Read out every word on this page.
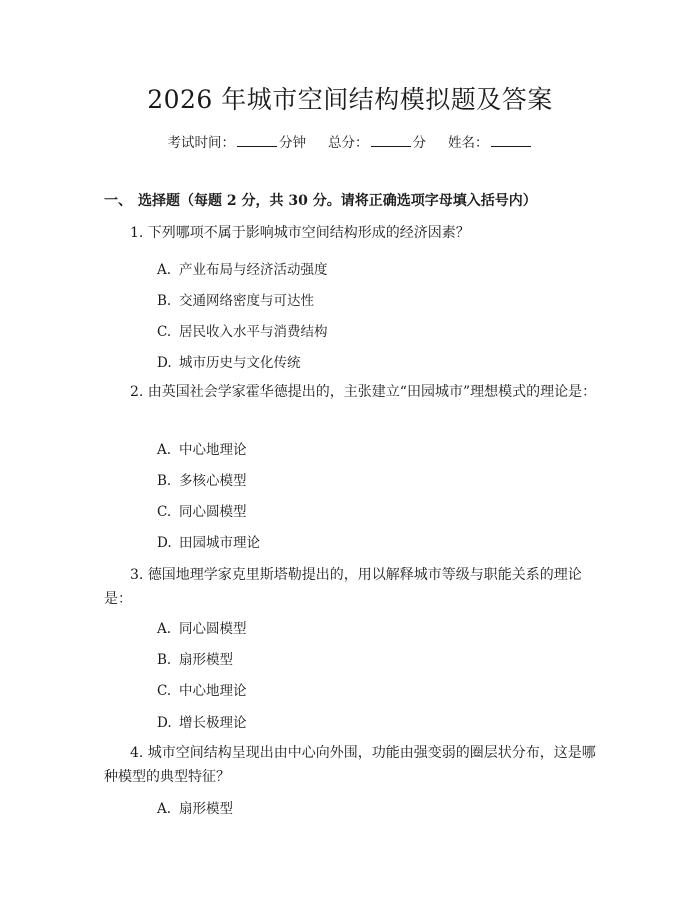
2026 年城市空间结构模拟题及答案
考试时间：	分钟 总分：	分 姓名：
一、 选择题（每题 2 分，共 30 分。请将正确选项字母填入括号内）
1. 下列哪项不属于影响城市空间结构形成的经济因素？
A. 产业布局与经济活动强度
B. 交通网络密度与可达性
C. 居民收入水平与消费结构
D. 城市历史与文化传统
2. 由英国社会学家霍华德提出的，主张建立“田园城市”理想模式的理论是：
A. 中心地理论
B. 多核心模型
C. 同心圆模型
D. 田园城市理论
3. 德国地理学家克里斯塔勒提出的，用以解释城市等级与职能关系的理论是：
A. 同心圆模型
B. 扇形模型
C. 中心地理论
D. 增长极理论
4. 城市空间结构呈现出由中心向外围，功能由强变弱的圈层状分布，这是哪种模型的典型特征？
A. 扇形模型
